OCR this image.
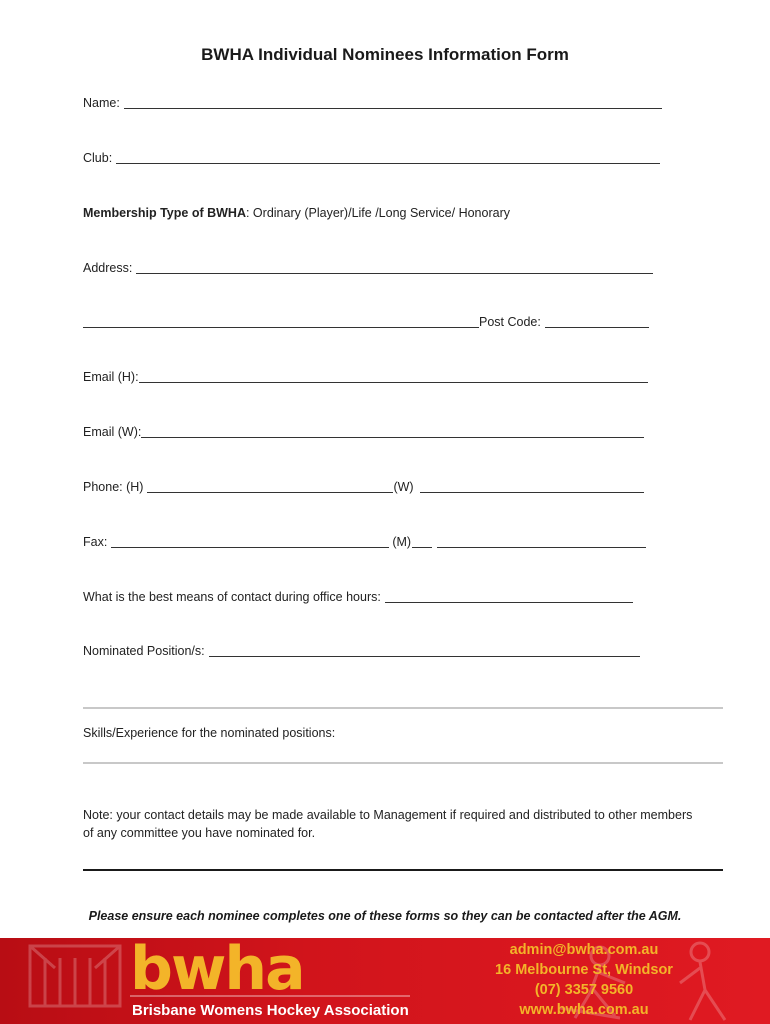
BWHA Individual Nominees Information Form
Name:
Club:
Membership Type of BWHA : Ordinary (Player)/Life /Long Service/ Honorary
Address:
Post Code:
Email (H):
Email (W):
Phone: (H)	(W)
Fax:	(M)
What is the best means of contact during office hours:
Nominated Position/s:
Skills/Experience for the nominated positions:
Note: your contact details may be made available to Management if required and distributed to other members of any committee you have nominated for.
Please ensure each nominee completes one of these forms so they can be contacted after the AGM.
bwha
Brisbane Womens Hockey Association
admin@bwha.com.au
16 Melbourne St, Windsor
(07) 3357 9560
www.bwha.com.au
